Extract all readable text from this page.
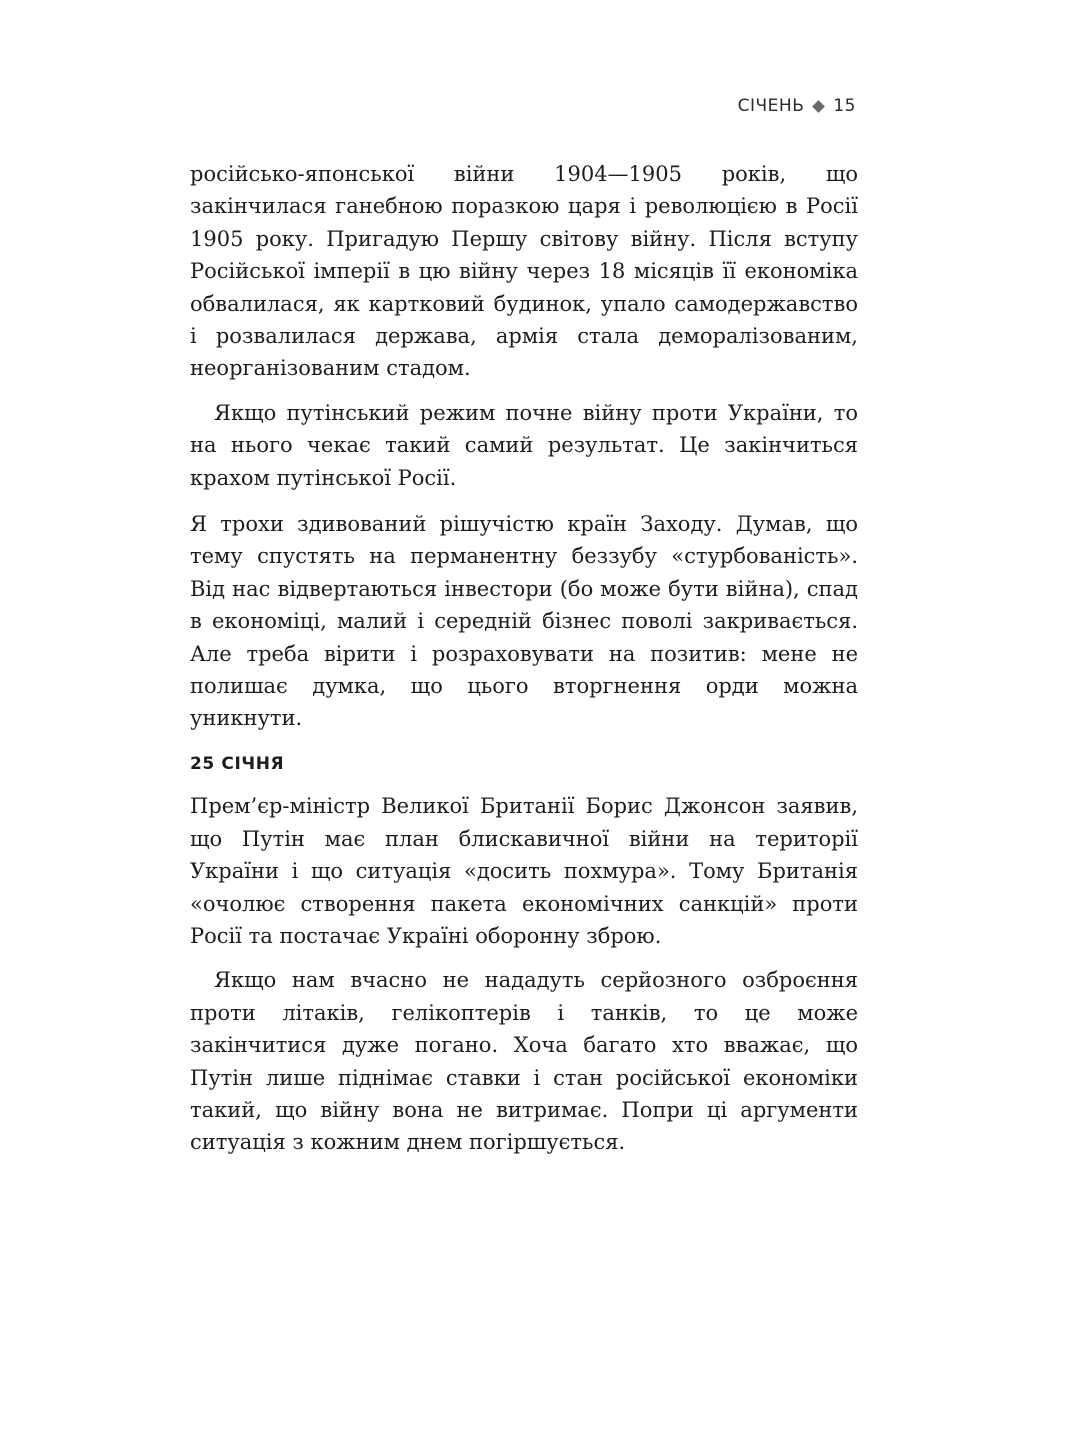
СІЧЕНЬ 15

російсько-японської війни 1904—1905 років, що закінчилася ганебною поразкою царя і революцією в Росії 1905 року. Пригадую Першу світову війну. Після вступу Російської імперії в цю війну через 18 місяців її економіка обвалилася, як картковий будинок, упало самодержавство і розвалилася держава, армія стала деморалізованим, неорганізованим стадом.

Якщо путінський режим почне війну проти України, то на нього чекає такий самий результат. Це закінчиться крахом путінської Росії.

Я трохи здивований рішучістю країн Заходу. Думав, що тему спустять на перманентну беззубу «стурбованість». Від нас відвертаються інвестори (бо може бути війна), спад в економіці, малий і середній бізнес поволі закривається. Але треба вірити і розраховувати на позитив: мене не полишає думка, що цього вторгнення орди можна уникнути.

25 СІЧНЯ

Прем’єр-міністр Великої Британії Борис Джонсон заявив, що Путін має план блискавичної війни на території України і що ситуація «досить похмура». Тому Британія «очолює створення пакета економічних санкцій» проти Росії та постачає Україні оборонну зброю.

Якщо нам вчасно не нададуть серйозного озброєння проти літаків, гелікоптерів і танків, то це може закінчитися дуже погано. Хоча багато хто вважає, що Путін лише піднімає ставки і стан російської економіки такий, що війну вона не витримає. Попри ці аргументи ситуація з кожним днем погіршується.
